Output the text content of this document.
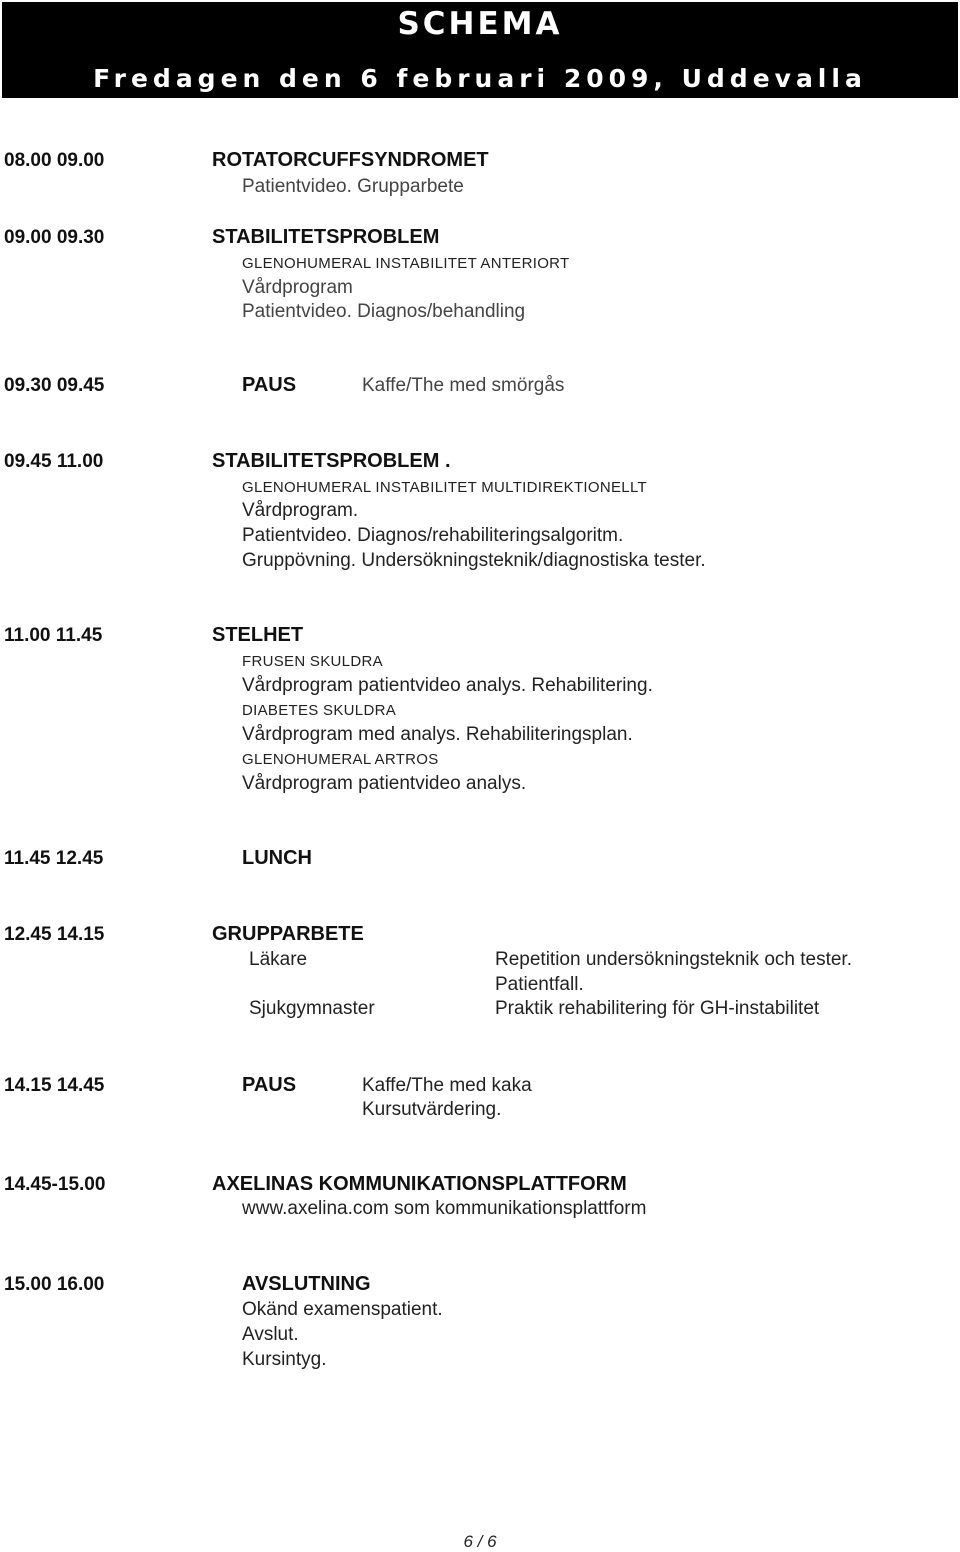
SCHEMA
Fredagen den 6 februari 2009, Uddevalla
08.00 09.00	ROTATORCUFFSYNDROMET
Patientvideo. Grupparbete
09.00 09.30	STABILITETSPROBLEM
GLENOHUMERAL INSTABILITET ANTERIORT
Vårdprogram
Patientvideo. Diagnos/behandling
09.30 09.45	PAUS	Kaffe/The med smörgås
09.45 11.00	STABILITETSPROBLEM .
GLENOHUMERAL INSTABILITET MULTIDIREKTIONELLT
Vårdprogram.
Patientvideo. Diagnos/rehabiliteringsalgoritm.
Gruppövning. Undersökningsteknik/diagnostiska tester.
11.00 11.45	STELHET
FRUSEN SKULDRA
Vårdprogram patientvideo analys. Rehabilitering.
DIABETES SKULDRA
Vårdprogram med analys. Rehabiliteringsplan.
GLENOHUMERAL ARTROS
Vårdprogram patientvideo analys.
11.45 12.45	LUNCH
12.45 14.15	GRUPPARBETE
Läkare	Repetition undersökningsteknik och tester.
Patientfall.
Sjukgymnaster	Praktik rehabilitering för GH-instabilitet
14.15 14.45	PAUS	Kaffe/The med kaka
Kursutvärdering.
14.45-15.00	AXELINAS KOMMUNIKATIONSPLATTFORM
www.axelina.com som kommunikationsplattform
15.00 16.00	AVSLUTNING
Okänd examenspatient.
Avslut.
Kursintyg.
6 / 6
